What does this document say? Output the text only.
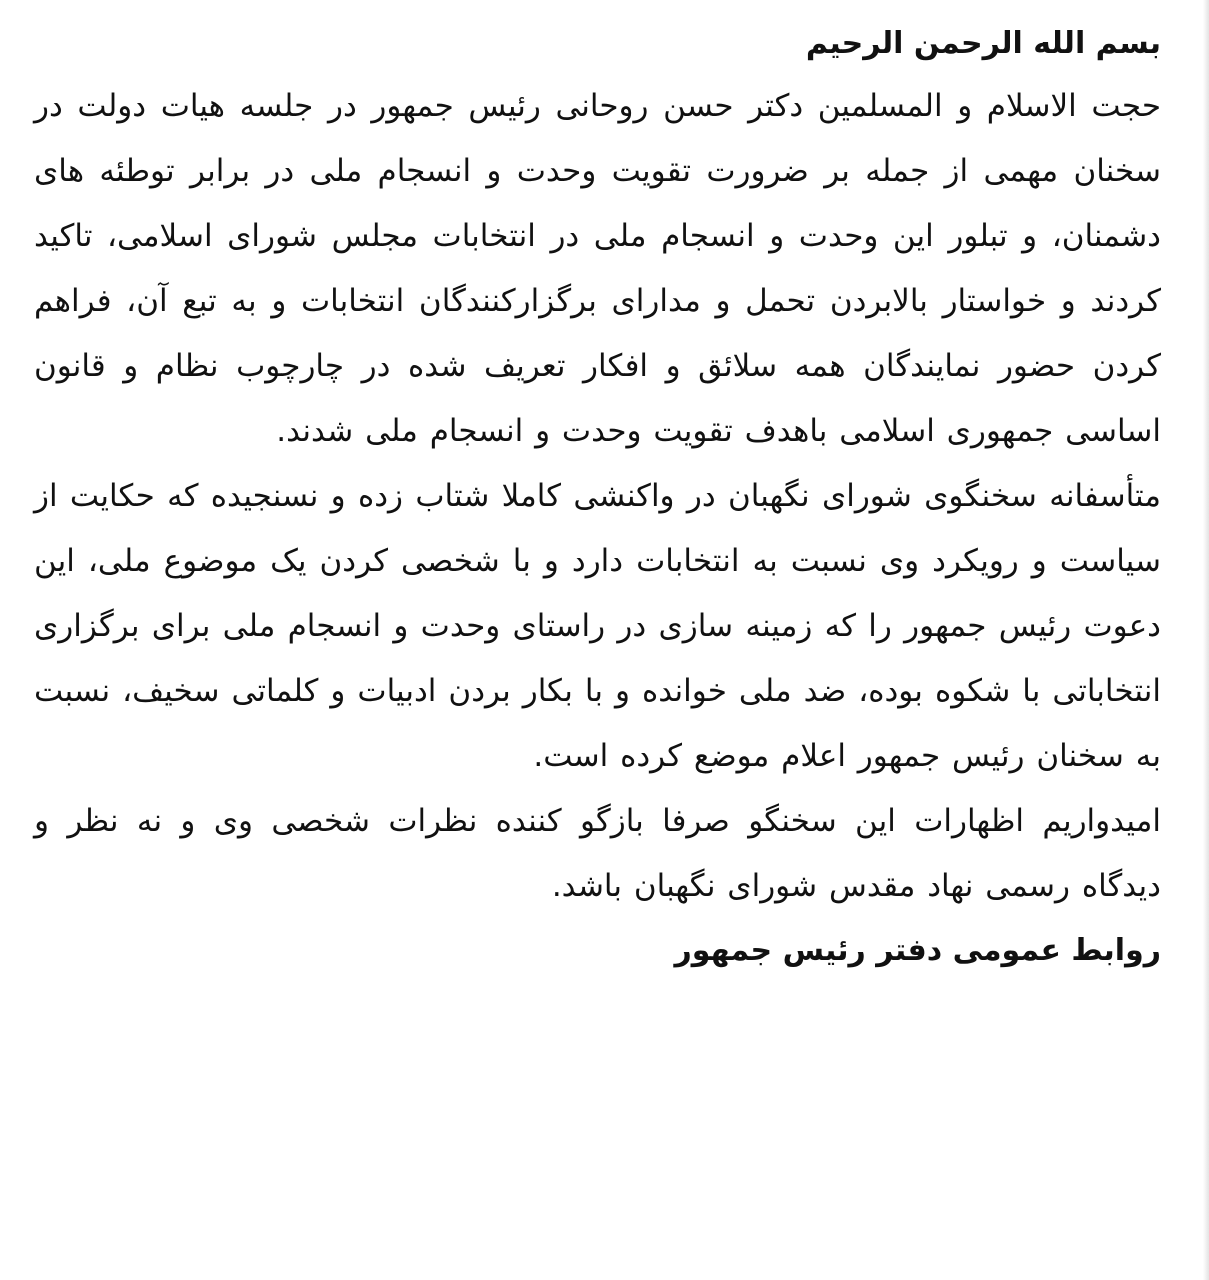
بسم الله الرحمن الرحيم

حجت الاسلام و المسلمین دکتر حسن روحانی رئیس جمهور در جلسه هیات دولت در سخنان مهمی از جمله بر ضرورت تقویت وحدت و انسجام ملی در برابر توطئه های دشمنان، و تبلور این وحدت و انسجام ملی در انتخابات مجلس شورای اسلامی، تاکید کردند و خواستار بالابردن تحمل و مدارای برگزارکنندگان انتخابات و به تبع آن، فراهم کردن حضور نمایندگان همه سلائق و افکار تعریف شده در چارچوب نظام و قانون اساسی جمهوری اسلامی باهدف تقویت وحدت و انسجام ملی شدند.

متأسفانه سخنگوی شورای نگهبان در واکنشی کاملا شتاب زده و نسنجیده که حکایت از سیاست و رویکرد وی نسبت به انتخابات دارد و با شخصی کردن یک موضوع ملی، این دعوت رئیس جمهور را که زمینه سازی در راستای وحدت و انسجام ملی برای برگزاری انتخاباتی با شکوه بوده، ضد ملی خوانده و با بکار بردن ادبیات و کلماتی سخیف، نسبت به سخنان رئیس جمهور اعلام موضع کرده است.

امیدواریم اظهارات این سخنگو صرفا بازگو کننده نظرات شخصی وی و نه نظر و دیدگاه رسمی نهاد مقدس شورای نگهبان باشد.

روابط عمومی دفتر رئیس جمهور
